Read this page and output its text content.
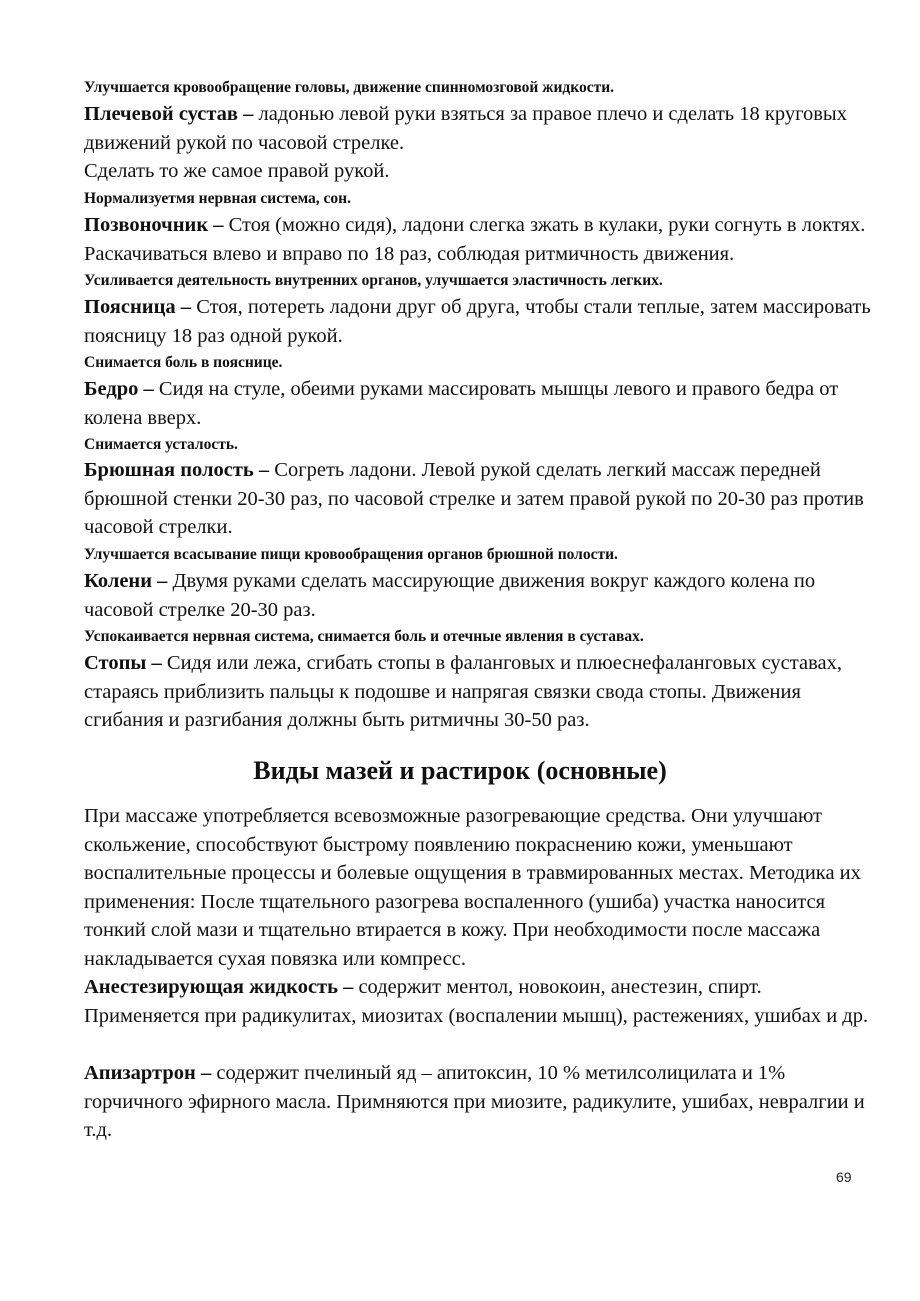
Улучшается кровообращение головы, движение спинномозговой жидкости.
Плечевой сустав – ладонью левой руки взяться за правое плечо и сделать 18 круговых движений рукой по часовой стрелке.
Сделать то же самое правой рукой.
Нормализуетмя нервная система, сон.
Позвоночник – Стоя (можно сидя), ладони слегка зжать в кулаки, руки согнуть в локтях. Раскачиваться влево и вправо по 18 раз, соблюдая ритмичность движения.
Усиливается деятельность внутренних органов, улучшается эластичность легких.
Поясница – Стоя, потереть ладони друг об друга, чтобы стали теплые, затем массировать поясницу 18 раз одной рукой.
Снимается боль в пояснице.
Бедро – Сидя на стуле, обеими руками массировать мышцы левого и правого бедра от колена вверх.
Снимается усталость.
Брюшная полость – Согреть ладони. Левой рукой сделать легкий массаж передней брюшной стенки 20-30 раз, по часовой стрелке и затем правой рукой по 20-30 раз против часовой стрелки.
Улучшается всасывание пищи кровообращения органов брюшной полости.
Колени – Двумя руками сделать массирующие движения вокруг каждого колена по часовой стрелке 20-30 раз.
Успокаивается нервная система, снимается боль и отечные явления в суставах.
Стопы – Сидя или лежа, сгибать стопы в фаланговых и плюеснефаланговых суставах, стараясь приблизить пальцы к подошве и напрягая связки свода стопы. Движения сгибания и разгибания должны быть ритмичны 30-50 раз.
Виды мазей и растирок (основные)
При массаже употребляется всевозможные разогревающие средства. Они улучшают скольжение, способствуют быстрому появлению покраснению кожи, уменьшают воспалительные процессы и болевые ощущения в травмированных местах. Методика их применения: После тщательного разогрева воспаленного (ушиба) участка наносится тонкий слой мази и тщательно втирается в кожу. При необходимости после массажа накладывается сухая повязка или компресс.
Анестезирующая жидкость – содержит ментол, новокоин, анестезин, спирт. Применяется при радикулитах, миозитах (воспалении мышц), растежениях, ушибах и др.
Апизартрон – содержит пчелиный яд – апитоксин, 10 % метилсолицилата и 1% горчичного эфирного масла. Примняются при миозите, радикулите, ушибах, невралгии и т.д.
69
